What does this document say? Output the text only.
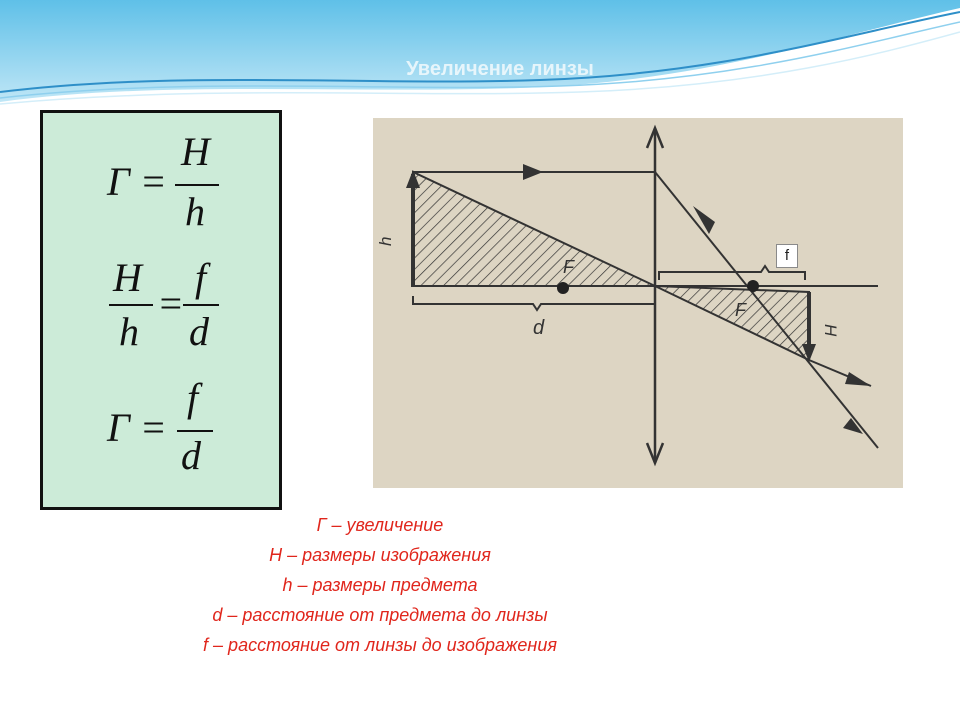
Увеличение линзы
Г =
H
h
H
h
=
f
d
Г =
f
d
h
F
F
d	H
f
Г – увеличение
H – размеры изображения
h – размеры предмета
d – расстояние от предмета до линзы
f – расстояние от линзы до изображения
